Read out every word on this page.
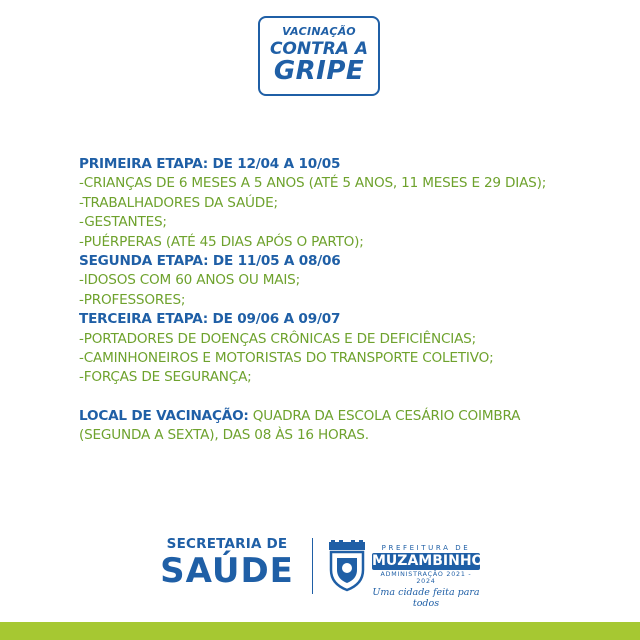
VACINAÇÃO
CONTRA A
GRIPE
PRIMEIRA ETAPA: DE 12/04 A 10/05
-CRIANÇAS DE 6 MESES A 5 ANOS (ATÉ 5 ANOS, 11 MESES E 29 DIAS);
-TRABALHADORES DA SAÚDE;
-GESTANTES;
-PUÉRPERAS (ATÉ 45 DIAS APÓS O PARTO);
SEGUNDA ETAPA: DE 11/05 A 08/06
-IDOSOS COM 60 ANOS OU MAIS;
-PROFESSORES;
TERCEIRA ETAPA: DE 09/06 A 09/07
-PORTADORES DE DOENÇAS CRÔNICAS E DE DEFICIÊNCIAS;
-CAMINHONEIROS E MOTORISTAS DO TRANSPORTE COLETIVO;
-FORÇAS DE SEGURANÇA;
LOCAL DE VACINAÇÃO: QUADRA DA ESCOLA CESÁRIO COIMBRA
(SEGUNDA A SEXTA), DAS 08 ÀS 16 HORAS.
SECRETARIA DE
SAÚDE
PREFEITURA DE
MUZAMBINHO
ADMINISTRAÇÃO 2021 - 2024
Uma cidade feita para todos
